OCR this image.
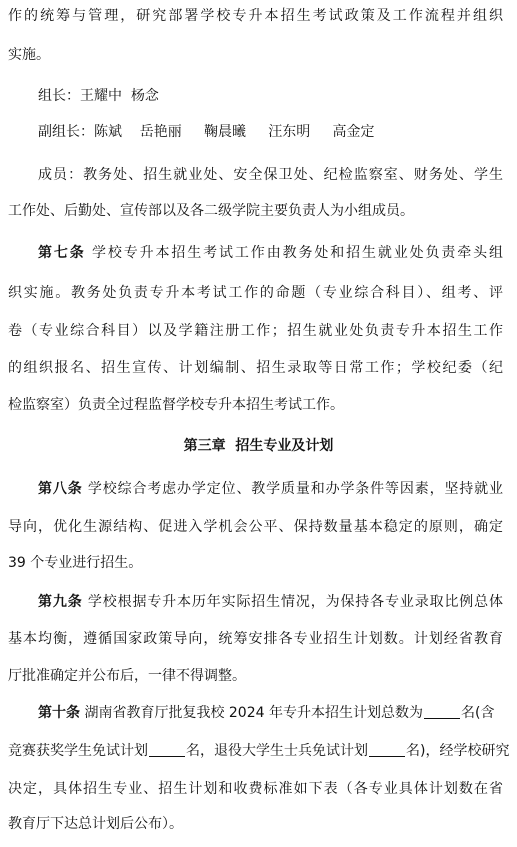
作的统筹与管理，研究部署学校专升本招生考试政策及工作流程并组织
实施。
组长：王耀中  杨念
副组长：陈斌    岳艳丽     鞠晨曦     汪东明     高金定
成员：教务处、招生就业处、安全保卫处、纪检监察室、财务处、学生
工作处、后勤处、宣传部以及各二级学院主要负责人为小组成员。
第七条 学校专升本招生考试工作由教务处和招生就业处负责牵头组
织实施。教务处负责专升本考试工作的命题（专业综合科目）、组考、评
卷（专业综合科目）以及学籍注册工作；招生就业处负责专升本招生工作
的组织报名、招生宣传、计划编制、招生录取等日常工作；学校纪委（纪
检监察室）负责全过程监督学校专升本招生考试工作。
第三章  招生专业及计划
第八条 学校综合考虑办学定位、教学质量和办学条件等因素，坚持就业
导向，优化生源结构、促进入学机会公平、保持数量基本稳定的原则，确定
39 个专业进行招生。
第九条 学校根据专升本历年实际招生情况，为保持各专业录取比例总体
基本均衡，遵循国家政策导向，统筹安排各专业招生计划数。计划经省教育
厅批准确定并公布后，一律不得调整。
第十条 湖南省教育厅批复我校 2024 年专升本招生计划总数为	名(含
竞赛获奖学生免试计划	名，退役大学生士兵免试计划	名)，经学校研究
决定，具体招生专业、招生计划和收费标准如下表（各专业具体计划数在省
教育厅下达总计划后公布）。
